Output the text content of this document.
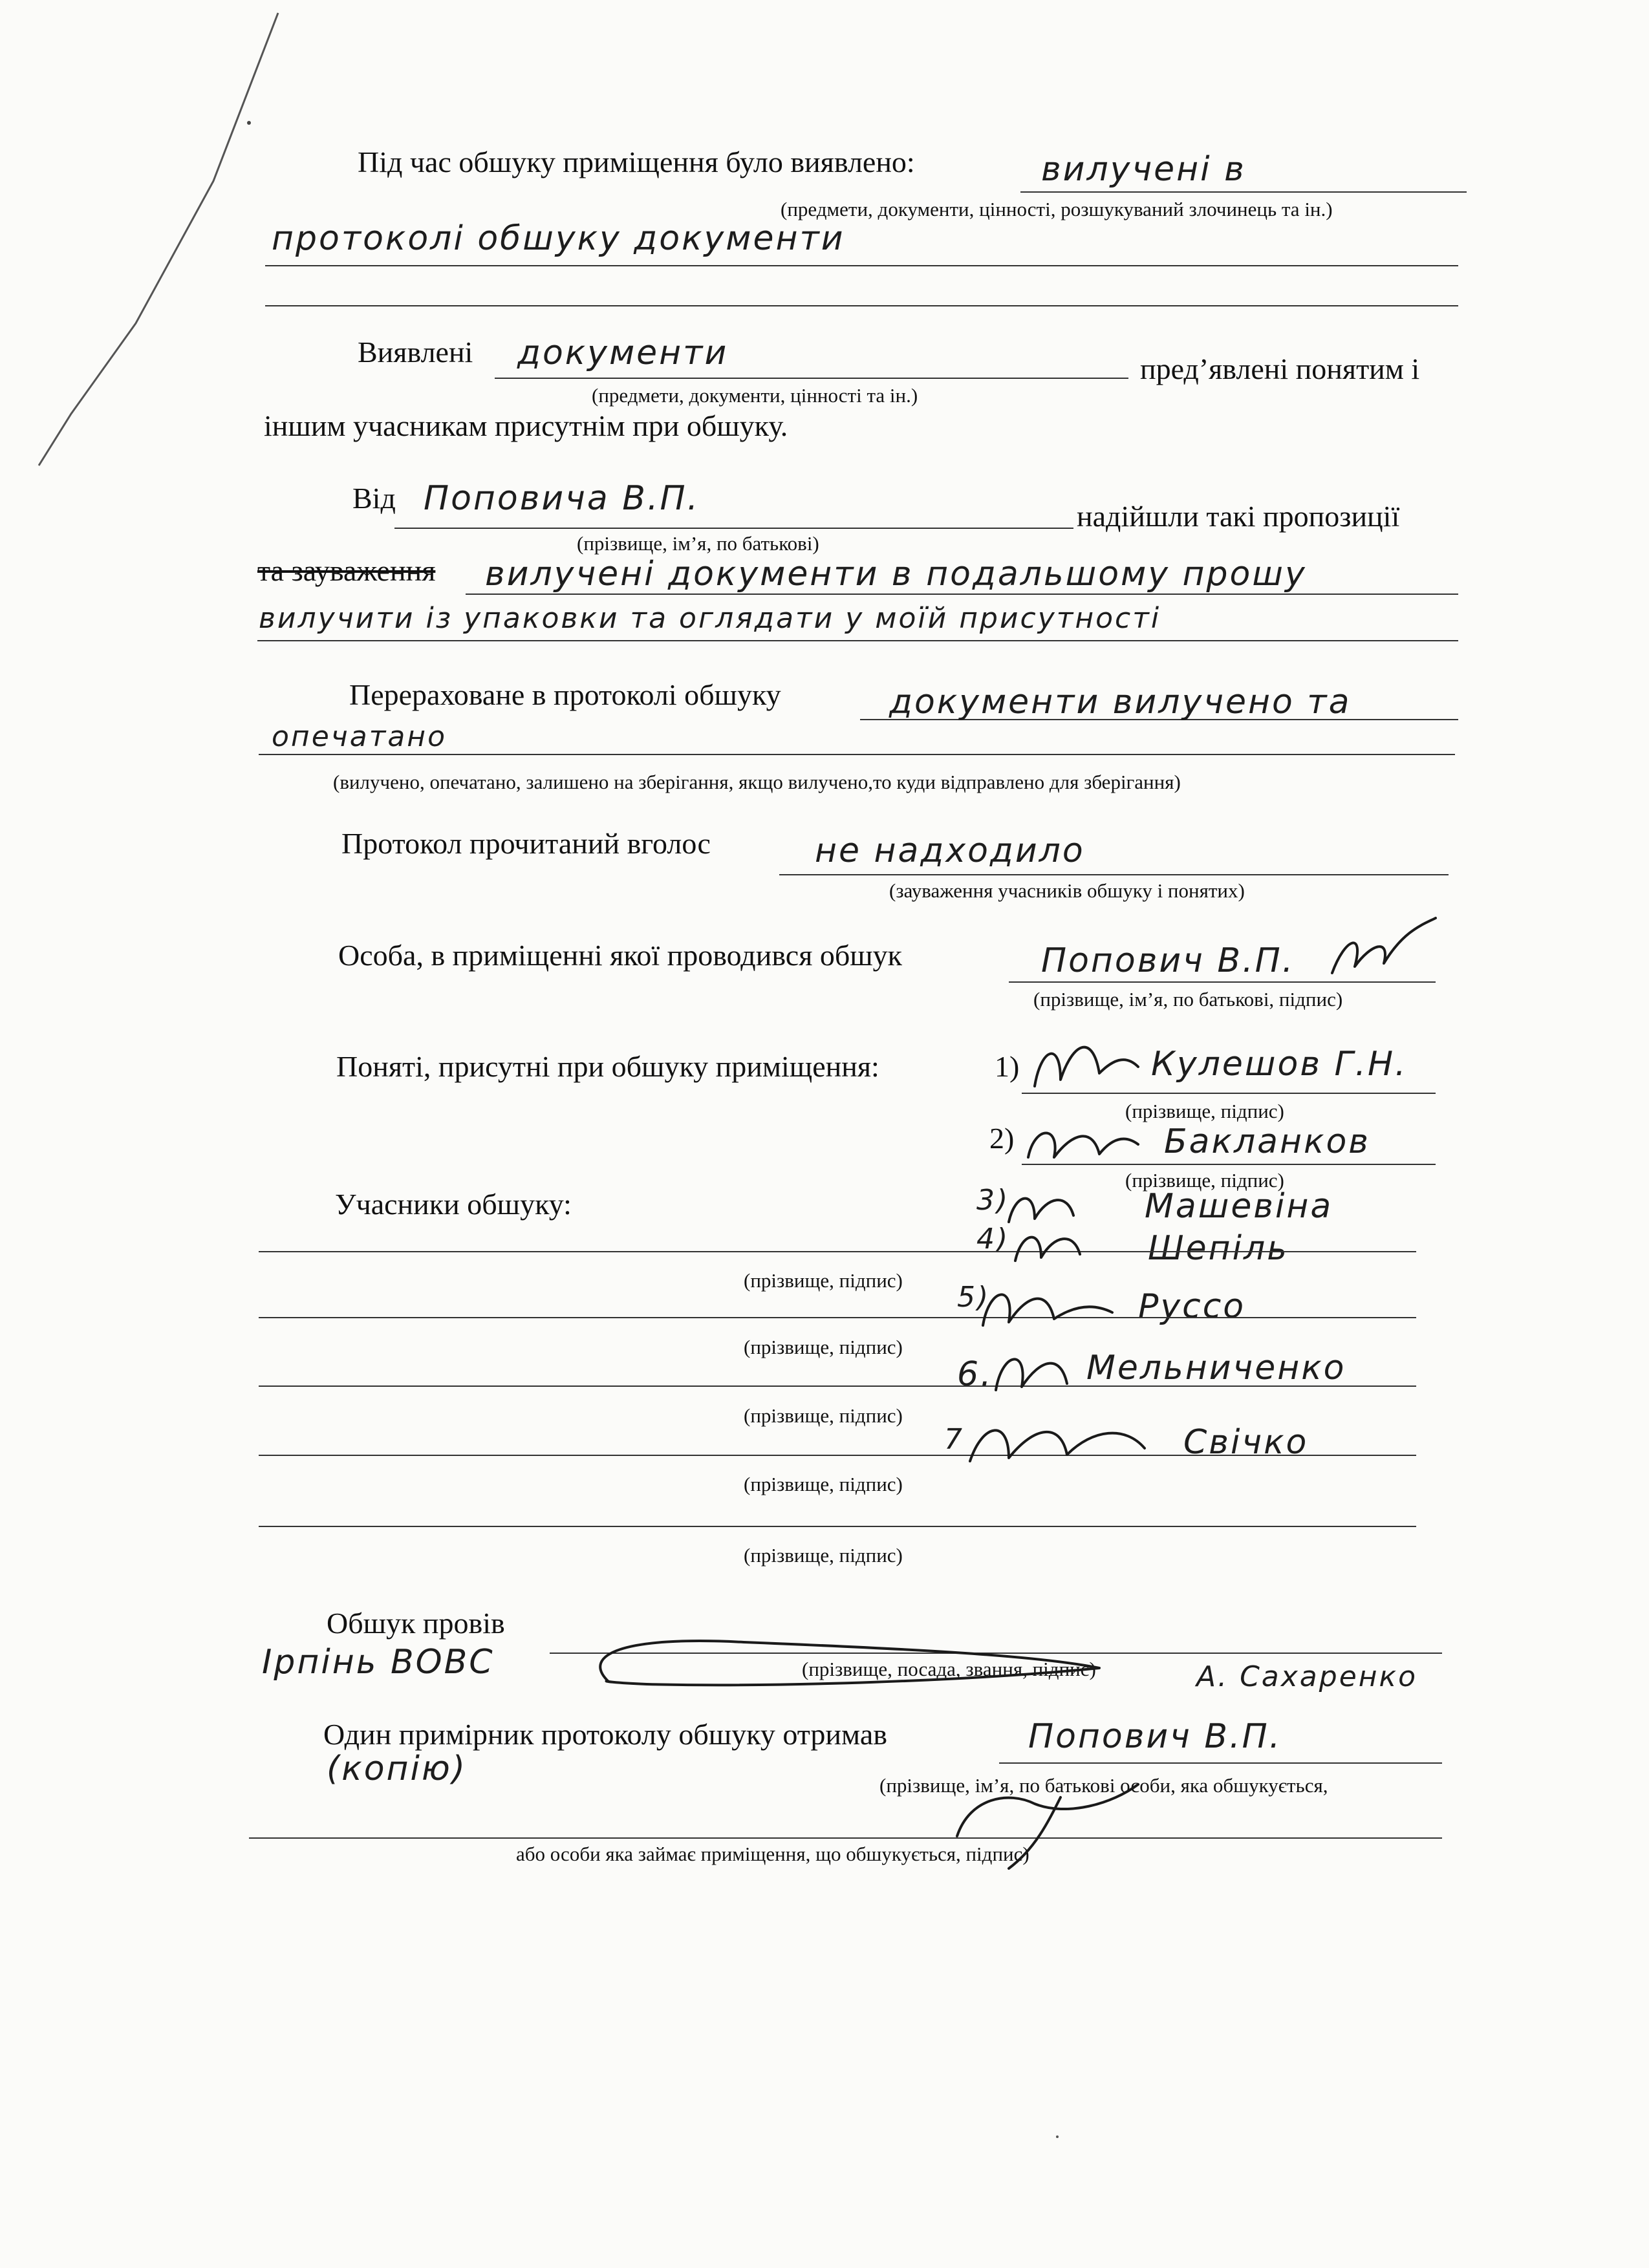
Під час обшуку приміщення було виявлено:	вилучені в
(предмети, документи, цінності, розшукуваний злочинець та ін.)
протоколі обшуку документи
Виявлені документи	пред’явлені понятим і
(предмети, документи, цінності та ін.)
іншим учасникам присутнім при обшуку.
Від Поповича В.П.	надійшли такі пропозиції
(прізвище, ім’я, по батькові)
та зауваження вилучені документи в подальшому прошу
вилучити із упаковки та оглядати у моїй присутності
Перераховане в протоколі обшуку	документи вилучено та
опечатано
(вилучено, опечатано, залишено на зберігання, якщо вилучено,то куди відправлено для зберігання)
Протокол прочитаний вголос	не надходило
(зауваження учасників обшуку і понятих)
Особа, в приміщенні якої проводився обшук	Попович В.П.
(прізвище, ім’я, по батькові, підпис)
Поняті, присутні при обшуку приміщення:	1)	Кулешов Г.Н.
(прізвище, підпис)
2)	Бакланков
(прізвище, підпис)
Учасники обшуку:	3)	Машевіна
4)	Шепіль
(прізвище, підпис)
5)	Руссо
(прізвище, підпис)
6.	Мельниченко
(прізвище, підпис)
7	Свічко
(прізвище, підпис)
(прізвище, підпис)
Обшук провів
Ірпінь ВОВС	(прізвище, посада, звання, підпис)	А. Сахаренко
Один примірник протоколу обшуку отримав	Попович В.П.
(копію)	(прізвище, ім’я, по батькові особи, яка обшукується,
або особи яка займає приміщення, що обшукується, підпис)
